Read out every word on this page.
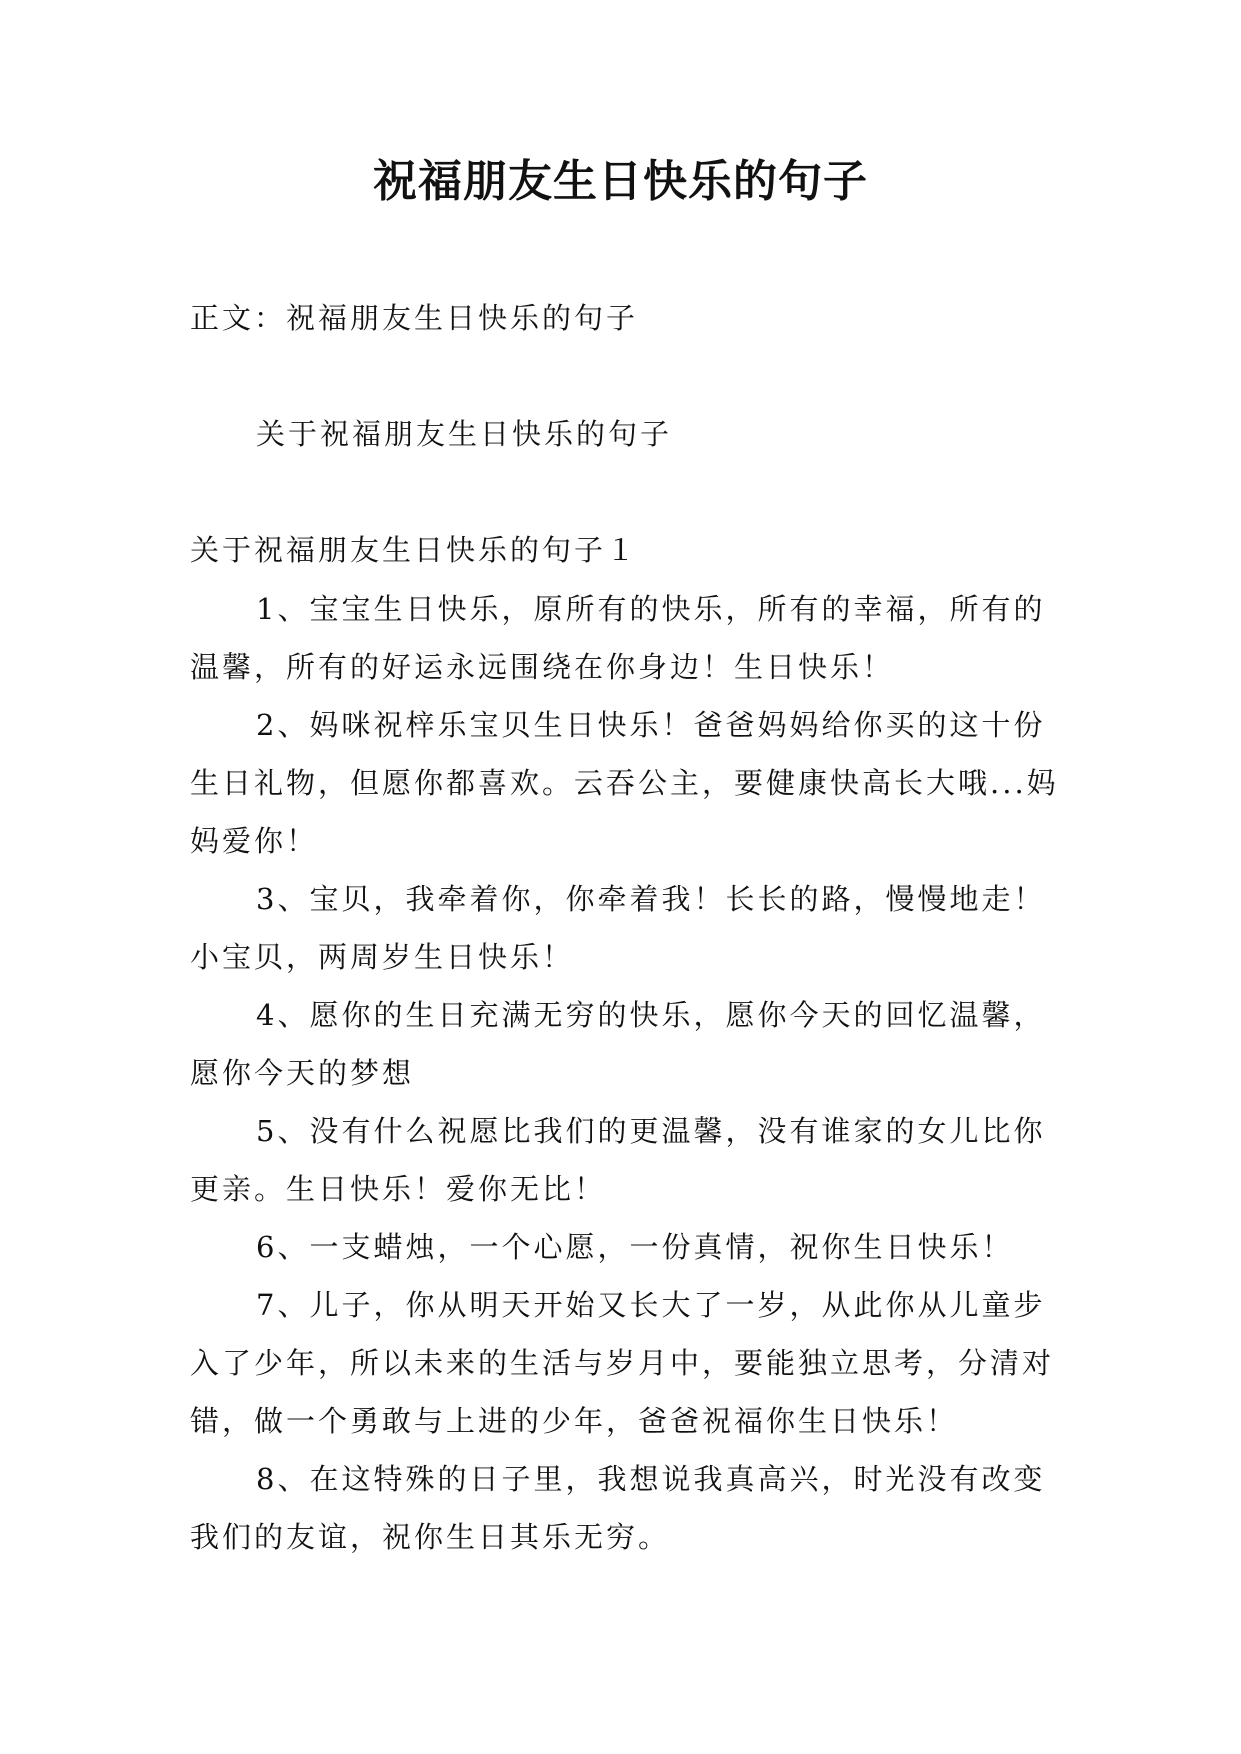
祝福朋友生日快乐的句子
正文：祝福朋友生日快乐的句子
关于祝福朋友生日快乐的句子
关于祝福朋友生日快乐的句子１

1、宝宝生日快乐，原所有的快乐，所有的幸福，所有的温馨，所有的好运永远围绕在你身边！生日快乐！

2、妈咪祝梓乐宝贝生日快乐！爸爸妈妈给你买的这十份生日礼物，但愿你都喜欢。云吞公主，要健康快高长大哦...妈妈爱你！

3、宝贝，我牵着你，你牵着我！长长的路，慢慢地走！小宝贝，两周岁生日快乐！

4、愿你的生日充满无穷的快乐，愿你今天的回忆温馨，愿你今天的梦想

5、没有什么祝愿比我们的更温馨，没有谁家的女儿比你更亲。生日快乐！爱你无比！

6、一支蜡烛，一个心愿，一份真情，祝你生日快乐！

7、儿子，你从明天开始又长大了一岁，从此你从儿童步入了少年，所以未来的生活与岁月中，要能独立思考，分清对错，做一个勇敢与上进的少年，爸爸祝福你生日快乐！

8、在这特殊的日子里，我想说我真高兴，时光没有改变我们的友谊，祝你生日其乐无穷。
